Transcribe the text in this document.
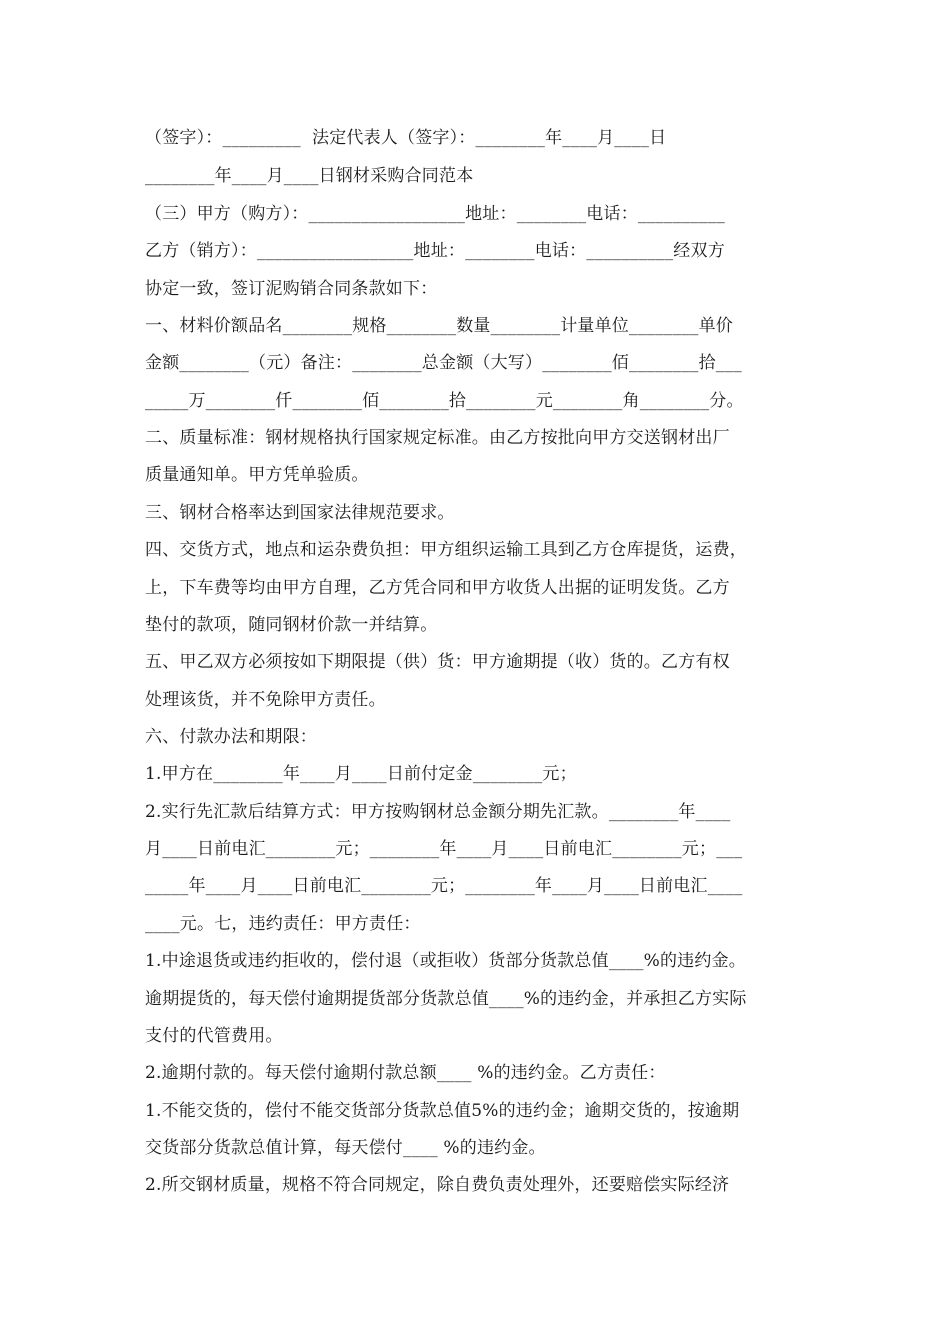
（签字）：_________  法定代表人（签字）：________年____月____日
________年____月____日钢材采购合同范本
（三）甲方（购方）：__________________地址：________电话：__________
乙方（销方）：__________________地址：________电话：__________经双方
协定一致，签订泥购销合同条款如下：
一、材料价额品名________规格________数量________计量单位________单价
金额________（元）备注：________总金额（大写）________佰________拾___
_____万________仟________佰________拾________元________角________分。
二、质量标准：钢材规格执行国家规定标准。由乙方按批向甲方交送钢材出厂
质量通知单。甲方凭单验质。
三、钢材合格率达到国家法律规范要求。
四、交货方式，地点和运杂费负担：甲方组织运输工具到乙方仓库提货，运费，
上，下车费等均由甲方自理，乙方凭合同和甲方收货人出据的证明发货。乙方
垫付的款项，随同钢材价款一并结算。
五、甲乙双方必须按如下期限提（供）货：甲方逾期提（收）货的。乙方有权
处理该货，并不免除甲方责任。
六、付款办法和期限：
1.甲方在________年____月____日前付定金________元；
2.实行先汇款后结算方式：甲方按购钢材总金额分期先汇款。________年____
月____日前电汇________元；________年____月____日前电汇________元；___
_____年____月____日前电汇________元；________年____月____日前电汇____
____元。七，违约责任：甲方责任：
1.中途退货或违约拒收的，偿付退（或拒收）货部分货款总值____%的违约金。
逾期提货的，每天偿付逾期提货部分货款总值____%的违约金，并承担乙方实际
支付的代管费用。
2.逾期付款的。每天偿付逾期付款总额____ %的违约金。乙方责任：
1.不能交货的，偿付不能交货部分货款总值5%的违约金；逾期交货的，按逾期
交货部分货款总值计算，每天偿付____ %的违约金。
2.所交钢材质量，规格不符合同规定，除自费负责处理外，还要赔偿实际经济
